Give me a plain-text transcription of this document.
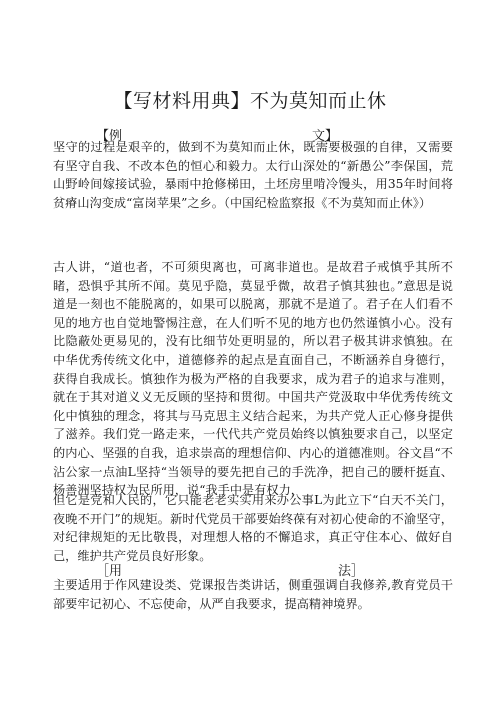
【写材料用典】不为莫知而止休
【例	文】
坚守的过程是艰辛的，做到不为莫知而止休，既需要极强的自律，又需要有坚守自我、不改本色的恒心和毅力。太行山深处的“新愚公”李保国，荒山野岭间嫁接试验，暴雨中抢修梯田，土坯房里啃冷馒头，用35年时间将贫瘠山沟变成“富岗苹果”之乡。（中国纪检监察报《不为莫知而止休》）
古人讲，“道也者，不可须臾离也，可离非道也。是故君子戒慎乎其所不睹，恐惧乎其所不闻。莫见乎隐，莫显乎微，故君子慎其独也。”意思是说道是一刻也不能脱离的，如果可以脱离，那就不是道了。君子在人们看不见的地方也自觉地警惕注意，在人们听不见的地方也仍然谨慎小心。没有比隐蔽处更易见的，没有比细节处更明显的，所以君子极其讲求慎独。在中华优秀传统文化中，道德修养的起点是直面自己，不断涵养自身德行，获得自我成长。慎独作为极为严格的自我要求，成为君子的追求与准则，就在于其对道义义无反顾的坚持和贯彻。中国共产党汲取中华优秀传统文化中慎独的理念，将其与马克思主义结合起来，为共产党人正心修身提供了滋养。我们党一路走来，一代代共产党员始终以慎独要求自己，以坚定的内心、坚强的自我，追求崇高的理想信仰、内心的道德准则。谷文昌“不沾公家一点油L坚持“当领导的要先把自己的手洗净，把自己的腰杆挺直、杨善洲坚持权为民所用，说“我手中是有权力，
但它是党和人民的，它只能老老实实用来办公事L为此立下“白天不关门，夜晚不开门”的规矩。新时代党员干部要始终葆有对初心使命的不渝坚守，对纪律规矩的无比敬畏，对理想人格的不懈追求，真正守住本心、做好自己，维护共产党员良好形象。
［用	法］
主要适用于作风建设类、党课报告类讲话，侧重强调自我修养,教育党员干部要牢记初心、不忘使命，从严自我要求，提高精神境界。
